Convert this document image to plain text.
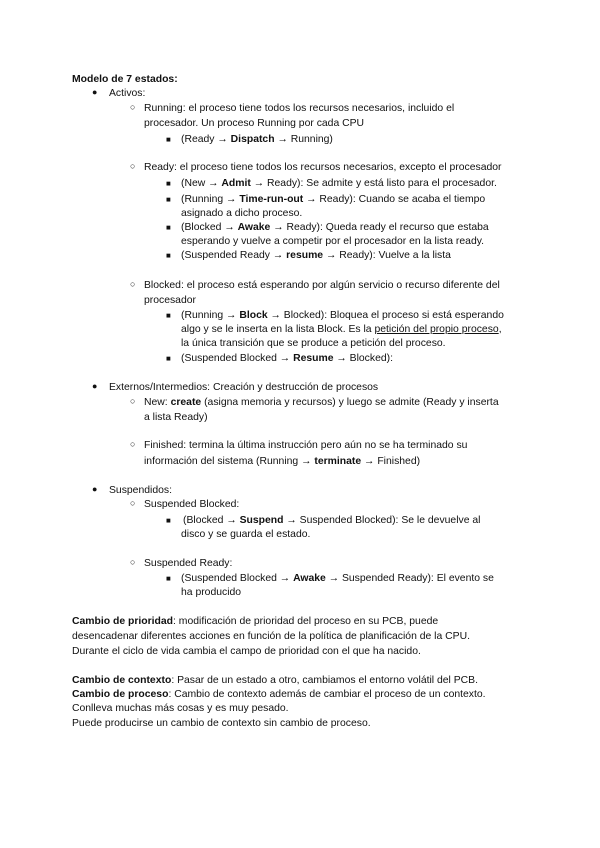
Modelo de 7 estados:
● Activos:
○ Running: el proceso tiene todos los recursos necesarios, incluido el
procesador. Un proceso Running por cada CPU
■ (Ready → Dispatch → Running)
○ Ready: el proceso tiene todos los recursos necesarios, excepto el procesador
■ (New → Admit → Ready): Se admite y está listo para el procesador.
■ (Running → Time-run-out → Ready): Cuando se acaba el tiempo
asignado a dicho proceso.
■ (Blocked → Awake → Ready): Queda ready el recurso que estaba
esperando y vuelve a competir por el procesador en la lista ready.
■ (Suspended Ready → resume → Ready): Vuelve a la lista
○ Blocked: el proceso está esperando por algún servicio o recurso diferente del
procesador
■ (Running → Block → Blocked): Bloquea el proceso si está esperando
algo y se le inserta en la lista Block. Es la petición del propio proceso,
la única transición que se produce a petición del proceso.
■ (Suspended Blocked → Resume → Blocked):
● Externos/Intermedios: Creación y destrucción de procesos
○ New: create (asigna memoria y recursos) y luego se admite (Ready y inserta
a lista Ready)
○ Finished: termina la última instrucción pero aún no se ha terminado su
información del sistema (Running → terminate → Finished)
● Suspendidos:
○ Suspended Blocked:
■ (Blocked → Suspend → Suspended Blocked): Se le devuelve al
disco y se guarda el estado.
○ Suspended Ready:
■ (Suspended Blocked → Awake → Suspended Ready): El evento se
ha producido
Cambio de prioridad: modificación de prioridad del proceso en su PCB, puede
desencadenar diferentes acciones en función de la política de planificación de la CPU.
Durante el ciclo de vida cambia el campo de prioridad con el que ha nacido.
Cambio de contexto: Pasar de un estado a otro, cambiamos el entorno volátil del PCB.
Cambio de proceso: Cambio de contexto además de cambiar el proceso de un contexto.
Conlleva muchas más cosas y es muy pesado.
Puede producirse un cambio de contexto sin cambio de proceso.
